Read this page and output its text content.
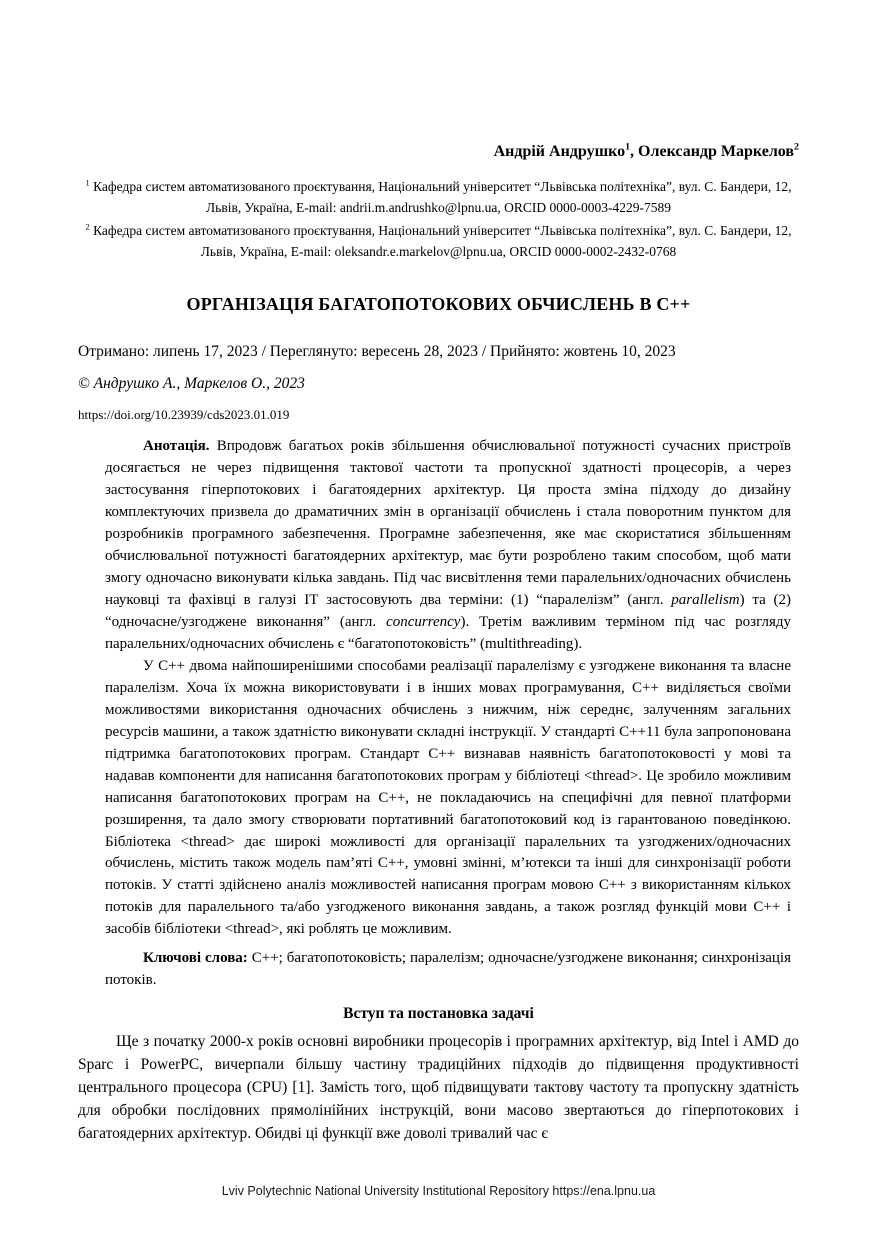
Андрій Андрушко$^1$, Олександр Маркелов$^2$

$^1$ Кафедра систем автоматизованого проєктування, Національний університет “Львівська політехніка”, вул. С. Бандери, 12, Львів, Україна, E-mail: andrii.m.andrushko@lpnu.ua, ORCID 0000-0003-4229-7589

$^2$ Кафедра систем автоматизованого проєктування, Національний університет “Львівська політехніка”, вул. С. Бандери, 12, Львів, Україна, E-mail: oleksandr.e.markelov@lpnu.ua, ORCID 0000-0002-2432-0768

ОРГАНІЗАЦІЯ БАГАТОПОТОКОВИХ ОБЧИСЛЕНЬ В C++

Отримано: липень 17, 2023 / Переглянуто: вересень 28, 2023 / Прийнято: жовтень 10, 2023

© Андрушко А., Маркелов О., 2023

https://doi.org/10.23939/cds2023.01.019

Анотація. Впродовж багатьох років збільшення обчислювальної потужності сучасних пристроїв досягається не через підвищення тактової частоти та пропускної здатності процесорів, а через застосування гіперпотокових і багатоядерних архітектур. Ця проста зміна підходу до дизайну комплектуючих призвела до драматичних змін в організації обчислень і стала поворотним пунктом для розробників програмного забезпечення. Програмне забезпечення, яке має скористатися збільшенням обчислювальної потужності багатоядерних архітектур, має бути розроблено таким способом, щоб мати змогу одночасно виконувати кілька завдань. Під час висвітлення теми паралельних/одночасних обчислень науковці та фахівці в галузі ІТ застосовують два терміни: (1) “паралелізм” (англ. parallelism) та (2) “одночасне/узгоджене виконання” (англ. concurrency). Третім важливим терміном під час розгляду паралельних/одночасних обчислень є “багатопотоковість” (multithreading).

У С++ двома найпоширенішими способами реалізації паралелізму є узгоджене виконання та власне паралелізм. Хоча їх можна використовувати і в інших мовах програмування, С++ виділяється своїми можливостями використання одночасних обчислень з нижчим, ніж середнє, залученням загальних ресурсів машини, а також здатністю виконувати складні інструкції. У стандарті С++11 була запропонована підтримка багатопотокових програм. Стандарт С++ визнавав наявність багатопотоковості у мові та надавав компоненти для написання багатопотокових програм у бібліотеці <thread>. Це зробило можливим написання багатопотокових програм на С++, не покладаючись на специфічні для певної платформи розширення, та дало змогу створювати портативний багатопотоковий код із гарантованою поведінкою. Бібліотека <thread> дає широкі можливості для організації паралельних та узгоджених/одночасних обчислень, містить також модель пам’яті С++, умовні змінні, м’ютекси та інші для синхронізації роботи потоків. У статті здійснено аналіз можливостей написання програм мовою С++ з використанням кількох потоків для паралельного та/або узгодженого виконання завдань, а також розгляд функцій мови С++ і засобів бібліотеки <thread>, які роблять це можливим.

Ключові слова: С++; багатопотоковість; паралелізм; одночасне/узгоджене виконання; синхронізація потоків.

Вступ та постановка задачі

Ще з початку 2000-х років основні виробники процесорів і програмних архітектур, від Intel і AMD до Sparc і PowerPC, вичерпали більшу частину традиційних підходів до підвищення продуктивності центрального процесора (CPU) [1]. Замість того, щоб підвищувати тактову частоту та пропускну здатність для обробки послідовних прямолінійних інструкцій, вони масово звертаються до гіперпотокових і багатоядерних архітектур. Обидві ці функції вже доволі тривалий час є

Lviv Polytechnic National University Institutional Repository https://ena.lpnu.ua
